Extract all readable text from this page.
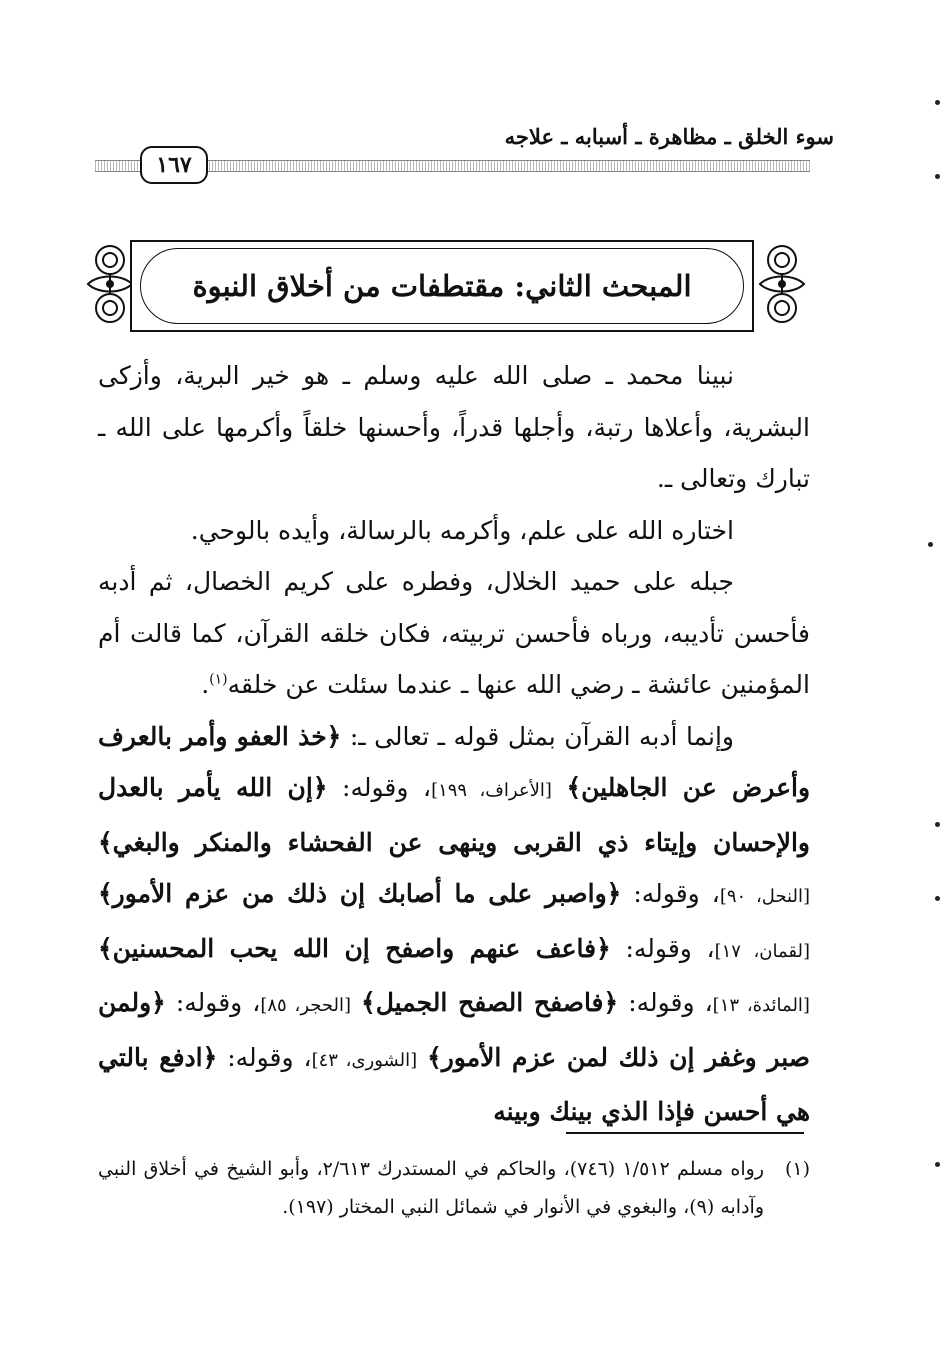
سوء الخلق ـ مظاهرة ـ أسبابه ـ علاجه
١٦٧
المبحث الثاني: مقتطفات من أخلاق النبوة

نبينا محمد ـ صلى الله عليه وسلم ـ هو خير البرية، وأزكى البشرية، وأعلاها رتبة، وأجلها قدراً، وأحسنها خلقاً وأكرمها على الله ـ تبارك وتعالى ـ.

اختاره الله على علم، وأكرمه بالرسالة، وأيده بالوحي.

جبله على حميد الخلال، وفطره على كريم الخصال، ثم أدبه فأحسن تأديبه، ورباه فأحسن تربيته، فكان خلقه القرآن، كما قالت أم المؤمنين عائشة ـ رضي الله عنها ـ عندما سئلت عن خلقه$^{(١)}$.

وإنما أدبه القرآن بمثل قوله ـ تعالى ـ: ﴿خذ العفو وأمر بالعرف وأعرض عن الجاهلين﴾ [الأعراف، ١٩٩]، وقوله: ﴿إن الله يأمر بالعدل والإحسان وإيتاء ذي القربى وينهى عن الفحشاء والمنكر والبغي﴾ [النحل، ٩٠]، وقوله: ﴿واصبر على ما أصابك إن ذلك من عزم الأمور﴾ [لقمان، ١٧]، وقوله: ﴿فاعف عنهم واصفح إن الله يحب المحسنين﴾ [المائدة، ١٣]، وقوله: ﴿فاصفح الصفح الجميل﴾ [الحجر، ٨٥]، وقوله: ﴿ولمن صبر وغفر إن ذلك لمن عزم الأمور﴾ [الشورى، ٤٣]، وقوله: ﴿ادفع بالتي هي أحسن فإذا الذي بينك وبينه

(١)
رواه مسلم ١/٥١٢ (٧٤٦)، والحاكم في المستدرك ٢/٦١٣، وأبو الشيخ في أخلاق النبي وآدابه (٩)، والبغوي في الأنوار في شمائل النبي المختار (١٩٧).
